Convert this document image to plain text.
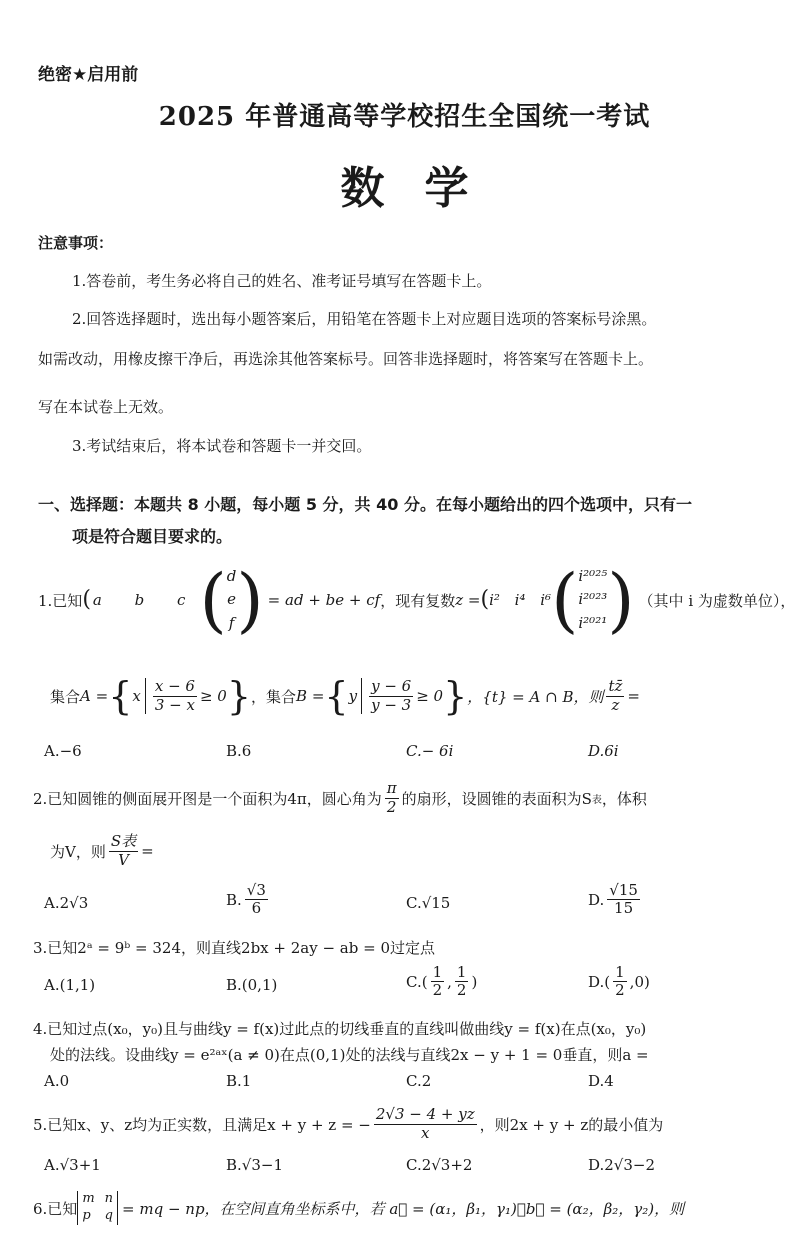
绝密★启用前
2025 年普通高等学校招生全国统一考试
数学
注意事项：
1.答卷前，考生务必将自己的姓名、准考证号填写在答题卡上。
2.回答选择题时，选出每小题答案后，用铅笔在答题卡上对应题目选项的答案标号涂黑。
如需改动，用橡皮擦干净后，再选涂其他答案标号。回答非选择题时，将答案写在答题卡上。
写在本试卷上无效。
3.考试结束后，将本试卷和答题卡一并交回。
一、选择题：本题共 8 小题，每小题 5 分，共 40 分。在每小题给出的四个选项中，只有一
项是符合题目要求的。
1.已知 ( a b c ( d
e
f ) = ad + be + cf ，现有复数 z = ( i² i⁴ i⁶ ( i²⁰²⁵
i²⁰²³
i²⁰²¹ ) （其中 i 为虚数单位），
集合 A = { x $\frac{x - 6}{3 - x} \ge 0$ } ，集合 B = { y $\frac{y - 6}{y - 3} \ge 0$ } ，{t} = A ∩ B，则 $\frac{tz̄}{z}$ =
A.−6	B.6	C.− 6i	D.6i
2.已知圆锥的侧面展开图是一个面积为4π，圆心角为 $\frac{\pi}{2}$ 的扇形，设圆锥的表面积为S 表 ，体积
为V，则 $\frac{\text{S表}}{V}$ =
A.2√3	B. $\frac{√3}{6}$	C.√15	D. $\frac{√15}{15}$
3.已知2ᵃ = 9ᵇ = 324，则直线2bx + 2ay − ab = 0过定点
A.(1,1)	B.(0,1)	$C.( \frac{1}{2}$ , $\frac{1}{2}$ )	$D.( \frac{1}{2} ,0)$
4.已知过点(x₀，y₀)且与曲线y = f(x)过此点的切线垂直的直线叫做曲线y = f(x)在点(x₀，y₀)
处的法线。设曲线y = e²ᵃˣ(a ≠ 0)在点(0,1)处的法线与直线2x − y + 1 = 0垂直，则a =
A.0	B.1	C.2	D.4
5.已知x、y、z均为正实数，且满足x + y + z = − $\frac{2√3 - 4 + yz}{x}$ ，则2x + y + z的最小值为
A.√3+1	B.√3−1	C.2√3+2	D.2√3−2
6.已知
m n
p	q = mq − np，在空间直角坐标系中，若 a⃗ = (α₁，β₁，γ₁)，b⃗ = (α₂，β₂，γ₂)，则
